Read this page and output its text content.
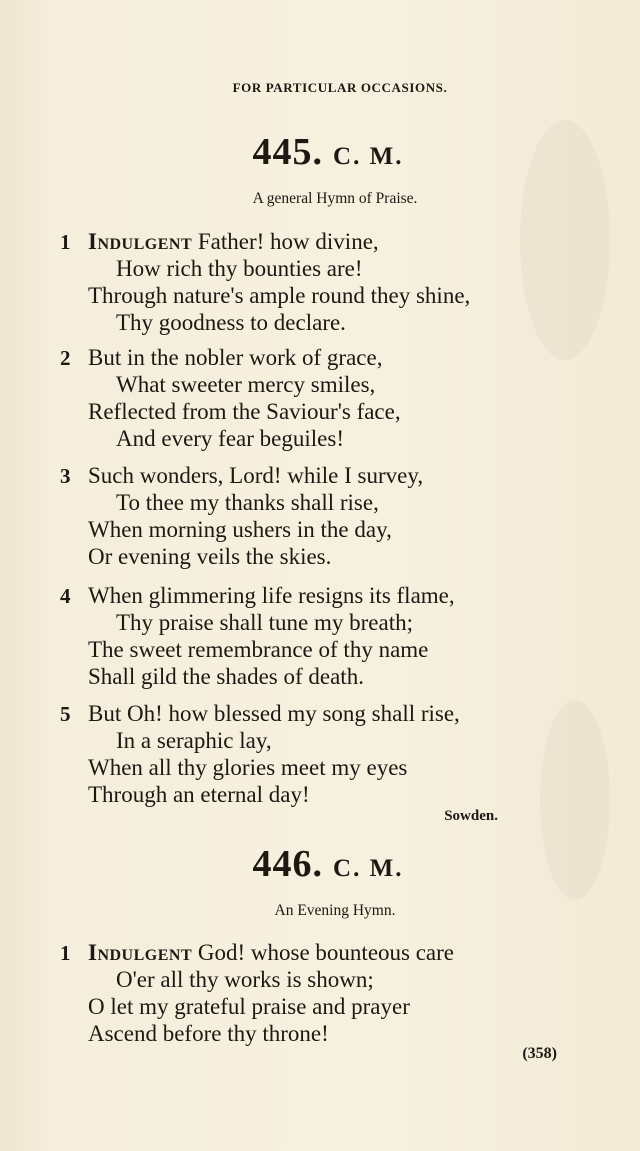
FOR PARTICULAR OCCASIONS.
445. C. M.
A general Hymn of Praise.
1 Indulgent Father! how divine,
How rich thy bounties are!
Through nature's ample round they shine,
Thy goodness to declare.
2 But in the nobler work of grace,
What sweeter mercy smiles,
Reflected from the Saviour's face,
And every fear beguiles!
3 Such wonders, Lord! while I survey,
To thee my thanks shall rise,
When morning ushers in the day,
Or evening veils the skies.
4 When glimmering life resigns its flame,
Thy praise shall tune my breath;
The sweet remembrance of thy name
Shall gild the shades of death.
5 But Oh! how blessed my song shall rise,
In a seraphic lay,
When all thy glories meet my eyes
Through an eternal day!
Sowden.
446. C. M.
An Evening Hymn.
1 Indulgent God! whose bounteous care
O'er all thy works is shown;
O let my grateful praise and prayer
Ascend before thy throne!
(358)
